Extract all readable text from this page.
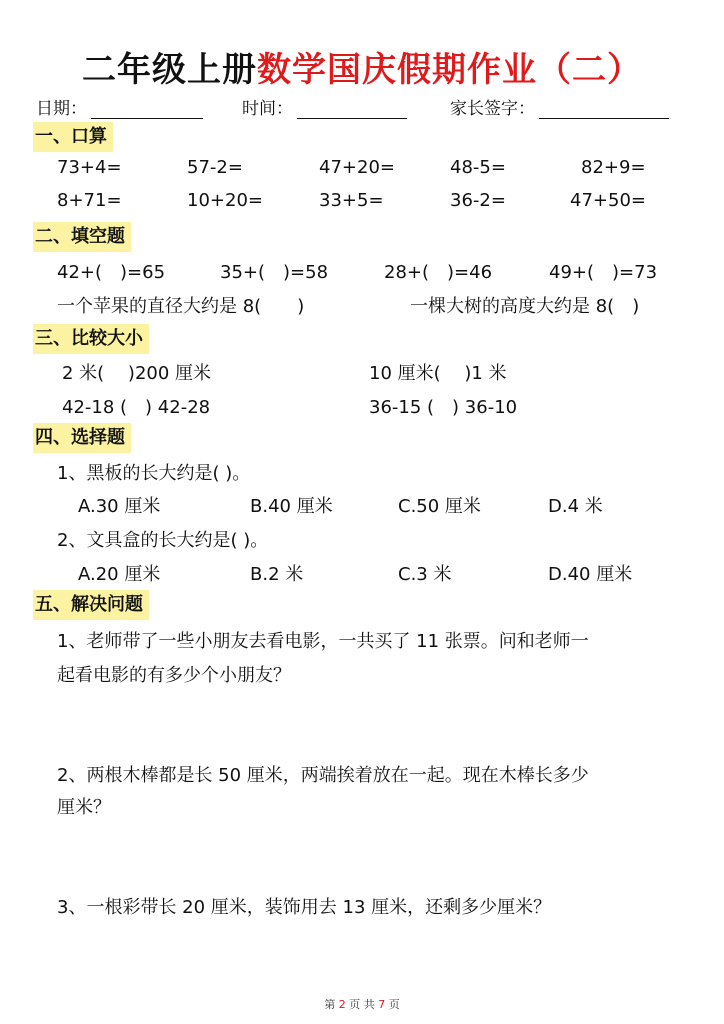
二年级上册数学国庆假期作业（二）
日期：	时间：	家长签字：
一、口算
73+4=	57-2=	47+20=	48-5=	82+9=
8+71=	10+20=	33+5=	36-2=	47+50=
二、填空题
42+(　)=65	35+(　)=58	28+(　)=46	49+(　)=73
一个苹果的直径大约是 8(　　)	一棵大树的高度大约是 8(　)
三、比较大小
2 米(　 )200 厘米	10 厘米(　 )1 米
42-18 (　) 42-28	36-15 (　) 36-10
四、选择题
1、黑板的长大约是( )。
A.30 厘米	B.40 厘米	C.50 厘米	D.4 米
2、文具盒的长大约是( )。
A.20 厘米	B.2 米	C.3 米	D.40 厘米
五、解决问题
1、老师带了一些小朋友去看电影，一共买了 11 张票。问和老师一
起看电影的有多少个小朋友？
2、两根木棒都是长 50 厘米，两端挨着放在一起。现在木棒长多少
厘米？
3、一根彩带长 20 厘米，装饰用去 13 厘米，还剩多少厘米？
第 2 页 共 7 页
